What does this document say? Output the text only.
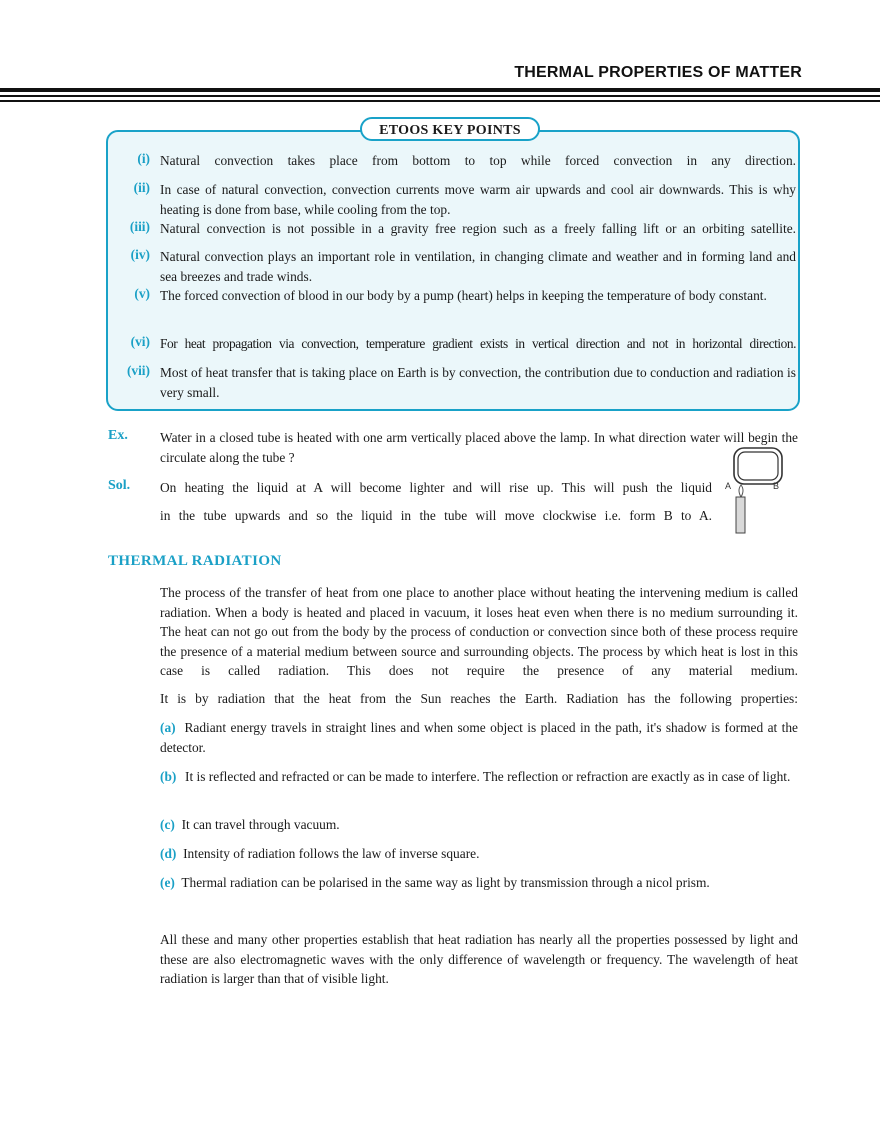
THERMAL PROPERTIES OF MATTER
ETOOS KEY POINTS
(i) Natural convection takes place from bottom to top while forced convection in any direction.
(ii) In case of natural convection, convection currents move warm air upwards and cool air downwards. This is why heating is done from base, while cooling from the top.
(iii) Natural convection is not possible in a gravity free region such as a freely falling lift or an orbiting satellite.
(iv) Natural convection plays an important role in ventilation, in changing climate and weather and in forming land and sea breezes and trade winds.
(v) The forced convection of blood in our body by a pump (heart) helps in keeping the temperature of body constant.
(vi) For heat propagation via convection, temperature gradient exists in vertical direction and not in horizontal direction.
(vii) Most of heat transfer that is taking place on Earth is by convection, the contribution due to conduction and radiation is very small.
Ex. Water in a closed tube is heated with one arm vertically placed above the lamp. In what direction water will begin the circulate along the tube ?
Sol. On heating the liquid at A will become lighter and will rise up. This will push the liquid
in the tube upwards and so the liquid in the tube will move clockwise i.e. form B to A.
A	B
THERMAL RADIATION
The process of the transfer of heat from one place to another place without heating the intervening medium is called radiation. When a body is heated and placed in vacuum, it loses heat even when there is no medium surrounding it. The heat can not go out from the body by the process of conduction or convection since both of these process require the presence of a material medium between source and surrounding objects. The process by which heat is lost in this case is called radiation. This does not require the presence of any material medium.
It is by radiation that the heat from the Sun reaches the Earth. Radiation has the following properties:
(a) Radiant energy travels in straight lines and when some object is placed in the path, it's shadow is formed at the detector.
(b) It is reflected and refracted or can be made to interfere. The reflection or refraction are exactly as in case of light.
(c) It can travel through vacuum.
(d) Intensity of radiation follows the law of inverse square.
(e) Thermal radiation can be polarised in the same way as light by transmission through a nicol prism.
All these and many other properties establish that heat radiation has nearly all the properties possessed by light and these are also electromagnetic waves with the only difference of wavelength or frequency. The wavelength of heat radiation is larger than that of visible light.
